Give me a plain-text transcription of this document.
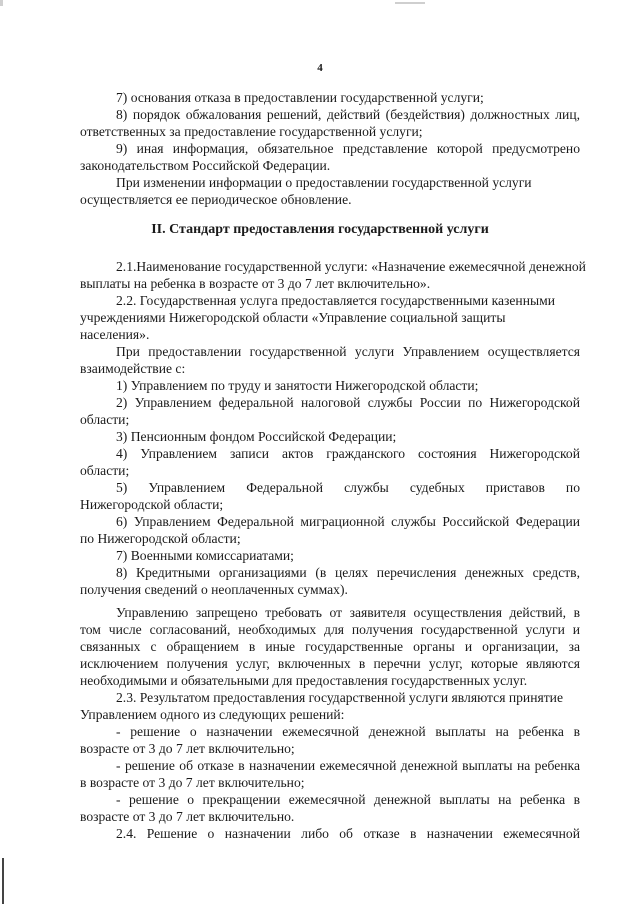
4
7) основания отказа в предоставлении государственной услуги;
8) порядок обжалования решений, действий (бездействия) должностных лиц,
ответственных за предоставление государственной услуги;
9) иная информация, обязательное представление которой предусмотрено
законодательством Российской Федерации.
При изменении информации о предоставлении государственной услуги
осуществляется ее периодическое обновление.
II. Стандарт предоставления государственной услуги
2.1.Наименование государственной услуги: «Назначение ежемесячной денежной
выплаты на ребенка в возрасте от 3 до 7 лет включительно».
2.2. Государственная услуга предоставляется государственными казенными
учреждениями Нижегородской области «Управление социальной защиты
населения».
При предоставлении государственной услуги Управлением осуществляется
взаимодействие с:
1) Управлением по труду и занятости Нижегородской области;
2) Управлением федеральной налоговой службы России по Нижегородской
области;
3) Пенсионным фондом Российской Федерации;
4) Управлением записи актов гражданского состояния Нижегородской
области;
5) Управлением Федеральной службы судебных приставов по
Нижегородской области;
6) Управлением Федеральной миграционной службы Российской Федерации
по Нижегородской области;
7) Военными комиссариатами;
8) Кредитными организациями (в целях перечисления денежных средств,
получения сведений о неоплаченных суммах).
Управлению запрещено требовать от заявителя осуществления действий, в
том числе согласований, необходимых для получения государственной услуги и
связанных с обращением в иные государственные органы и организации, за
исключением получения услуг, включенных в перечни услуг, которые являются
необходимыми и обязательными для предоставления государственных услуг.
2.3. Результатом предоставления государственной услуги являются принятие
Управлением одного из следующих решений:
- решение о назначении ежемесячной денежной выплаты на ребенка в
возрасте от 3 до 7 лет включительно;
- решение об отказе в назначении ежемесячной денежной выплаты на ребенка
в возрасте от 3 до 7 лет включительно;
- решение о прекращении ежемесячной денежной выплаты на ребенка в
возрасте от 3 до 7 лет включительно.
2.4. Решение о назначении либо об отказе в назначении ежемесячной
